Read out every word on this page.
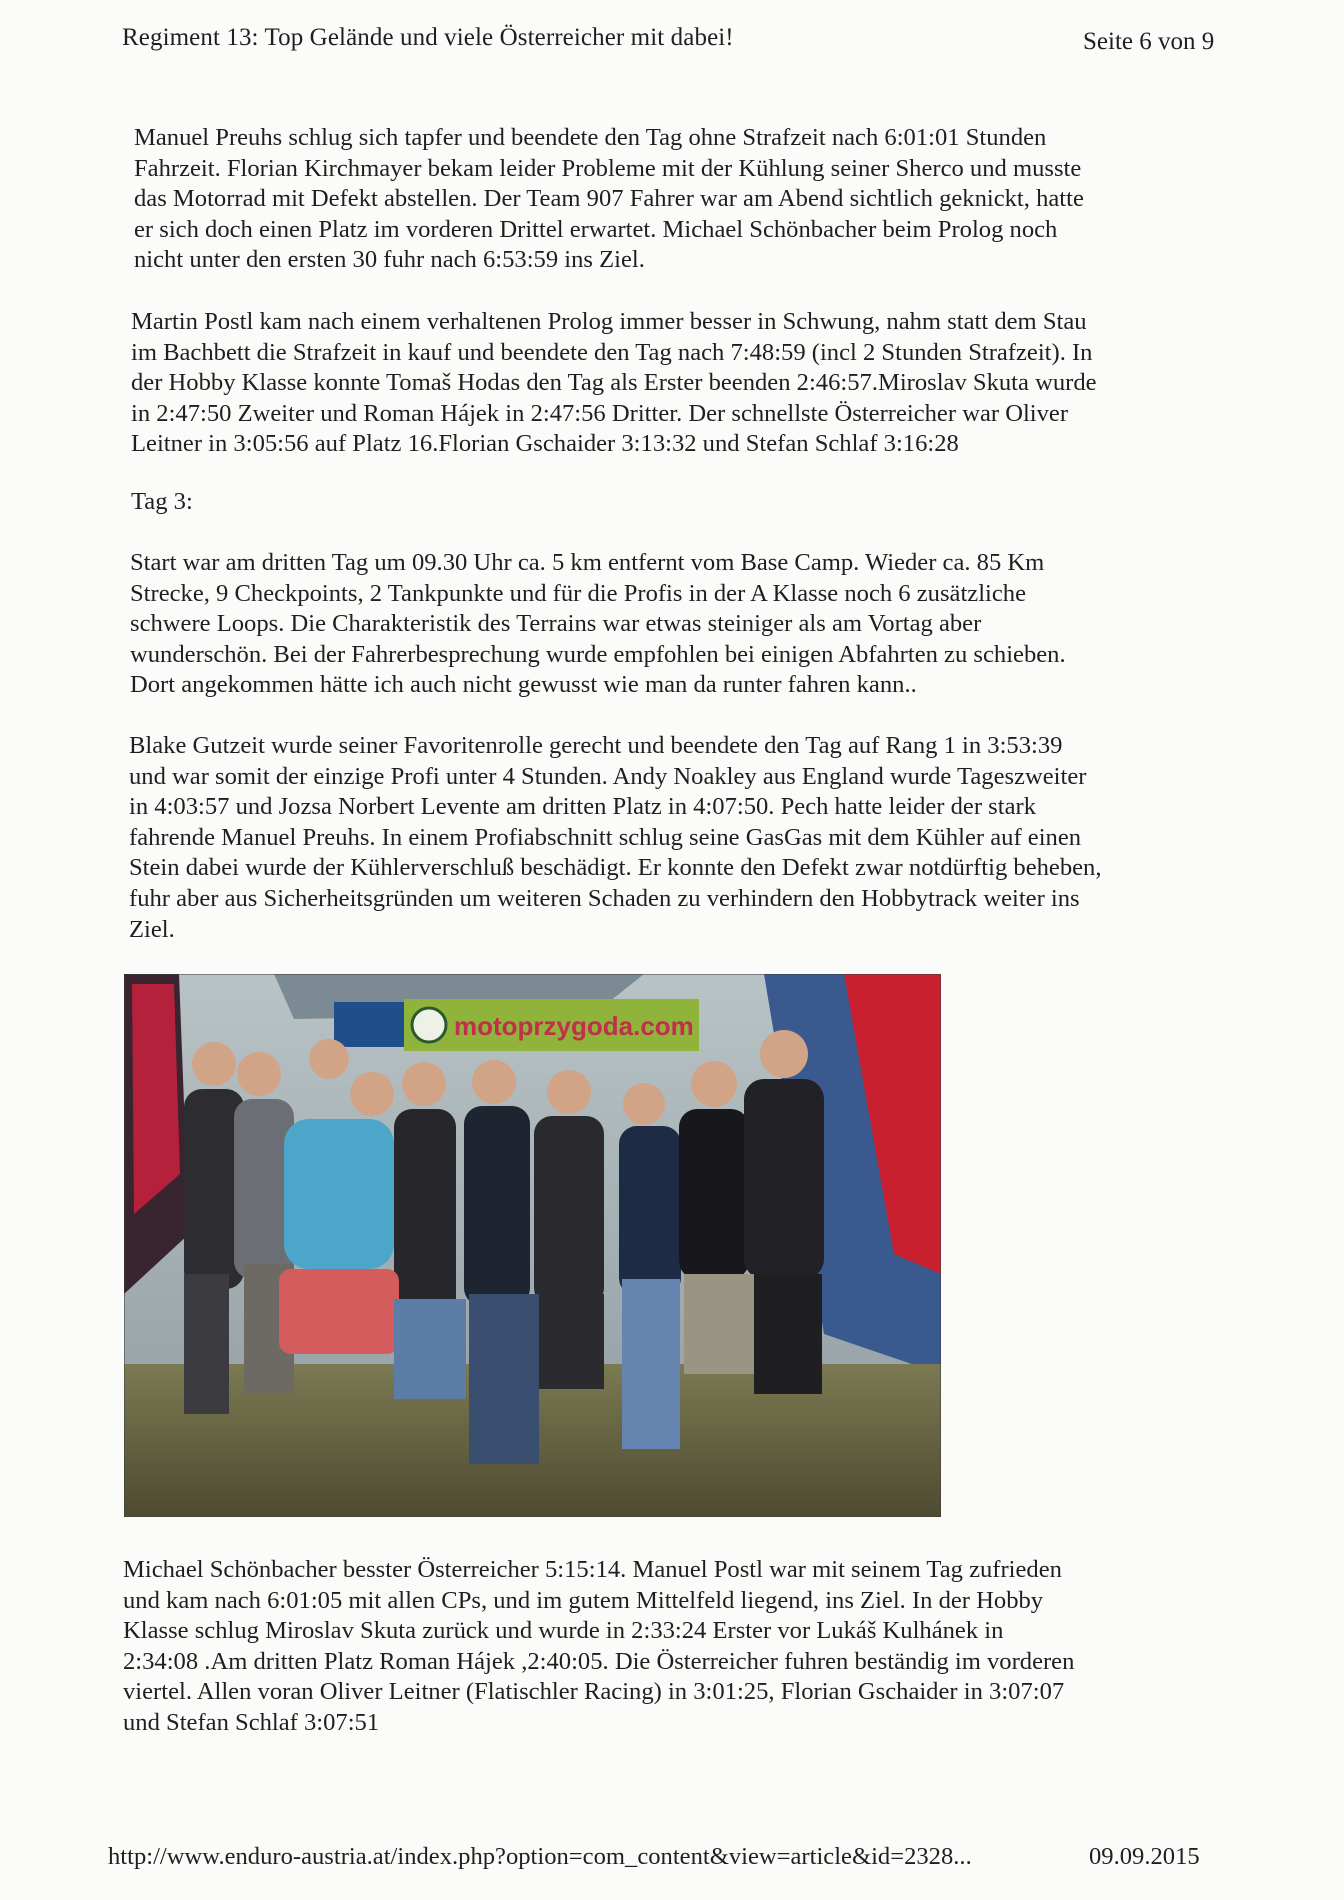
Regiment 13: Top Gelände und viele Österreicher mit dabei!	Seite 6 von 9
Manuel Preuhs schlug sich tapfer und beendete den Tag ohne Strafzeit nach 6:01:01 Stunden
Fahrzeit. Florian Kirchmayer bekam leider Probleme mit der Kühlung seiner Sherco und musste
das Motorrad mit Defekt abstellen. Der Team 907 Fahrer war am Abend sichtlich geknickt, hatte
er sich doch einen Platz im vorderen Drittel erwartet. Michael Schönbacher beim Prolog noch
nicht unter den ersten 30 fuhr nach 6:53:59 ins Ziel.
Martin Postl kam nach einem verhaltenen Prolog immer besser in Schwung, nahm statt dem Stau
im Bachbett die Strafzeit in kauf und beendete den Tag nach 7:48:59 (incl 2 Stunden Strafzeit). In
der Hobby Klasse konnte Tomaš Hodas den Tag als Erster beenden 2:46:57.Miroslav Skuta wurde
in 2:47:50 Zweiter und Roman Hájek in 2:47:56 Dritter. Der schnellste Österreicher war Oliver
Leitner in 3:05:56 auf Platz 16.Florian Gschaider 3:13:32 und Stefan Schlaf 3:16:28
Tag 3:
Start war am dritten Tag um 09.30 Uhr ca. 5 km entfernt vom Base Camp. Wieder ca. 85 Km
Strecke, 9 Checkpoints, 2 Tankpunkte und für die Profis in der A Klasse noch 6 zusätzliche
schwere Loops. Die Charakteristik des Terrains war etwas steiniger als am Vortag aber
wunderschön. Bei der Fahrerbesprechung wurde empfohlen bei einigen Abfahrten zu schieben.
Dort angekommen hätte ich auch nicht gewusst wie man da runter fahren kann..
Blake Gutzeit wurde seiner Favoritenrolle gerecht und beendete den Tag auf Rang 1 in 3:53:39
und war somit der einzige Profi unter 4 Stunden. Andy Noakley aus England wurde Tageszweiter
in 4:03:57 und Jozsa Norbert Levente am dritten Platz in 4:07:50. Pech hatte leider der stark
fahrende Manuel Preuhs. In einem Profiabschnitt schlug seine GasGas mit dem Kühler auf einen
Stein dabei wurde der Kühlerverschluß beschädigt. Er konnte den Defekt zwar notdürftig beheben,
fuhr aber aus Sicherheitsgründen um weiteren Schaden zu verhindern den Hobbytrack weiter ins
Ziel.
motoprzygoda.com
Michael Schönbacher besster Österreicher 5:15:14. Manuel Postl war mit seinem Tag zufrieden
und kam nach 6:01:05 mit allen CPs, und im gutem Mittelfeld liegend, ins Ziel. In der Hobby
Klasse schlug Miroslav Skuta zurück und wurde in 2:33:24 Erster vor Lukáš Kulhánek in
2:34:08 .Am dritten Platz Roman Hájek ,2:40:05. Die Österreicher fuhren beständig im vorderen
viertel. Allen voran Oliver Leitner (Flatischler Racing) in 3:01:25, Florian Gschaider in 3:07:07
und Stefan Schlaf 3:07:51
http://www.enduro-austria.at/index.php?option=com_content&view=article&id=2328...	09.09.2015
